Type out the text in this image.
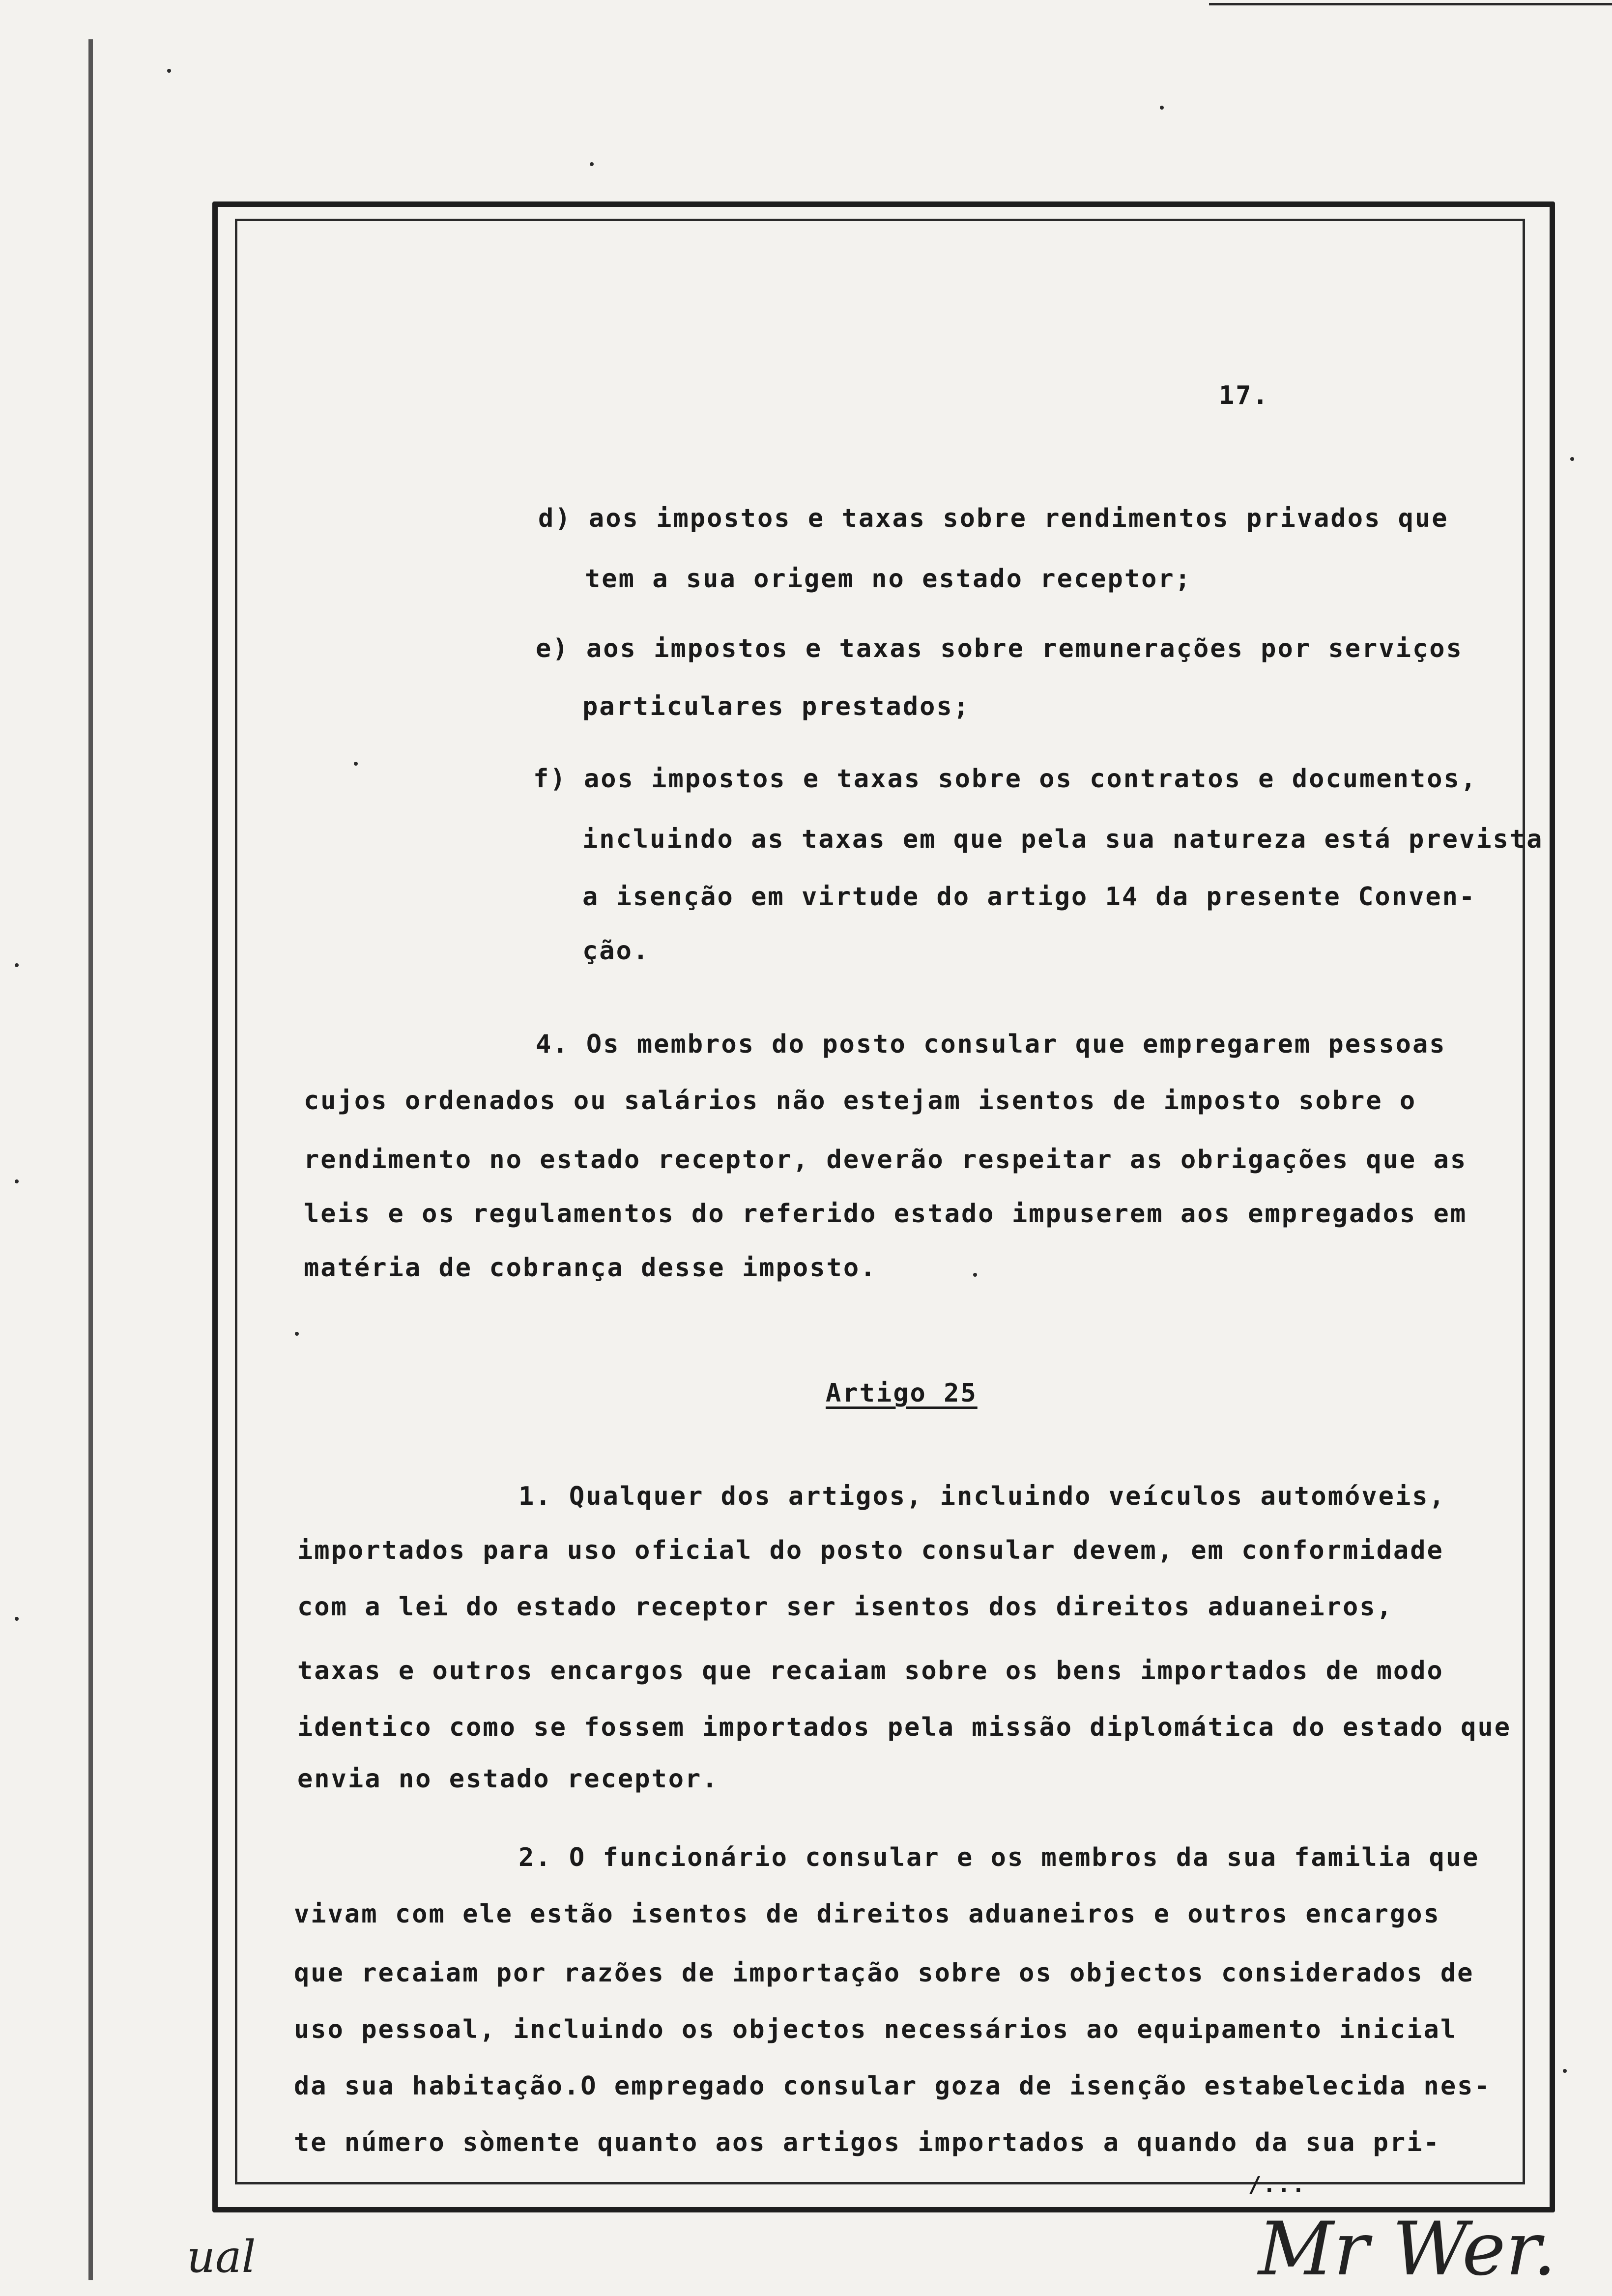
17.
d) aos impostos e taxas sobre rendimentos privados que
tem a sua origem no estado receptor;
e) aos impostos e taxas sobre remunerações por serviços
particulares prestados;
f) aos impostos e taxas sobre os contratos e documentos,
incluindo as taxas em que pela sua natureza está prevista
a isenção em virtude do artigo 14 da presente Conven-
ção.
4. Os membros do posto consular que empregarem pessoas
cujos ordenados ou salários não estejam isentos de imposto sobre o
rendimento no estado receptor, deverão respeitar as obrigações que as
leis e os regulamentos do referido estado impuserem aos empregados em
matéria de cobrança desse imposto.
Artigo 25
1. Qualquer dos artigos, incluindo veículos automóveis,
importados para uso oficial do posto consular devem, em conformidade
com a lei do estado receptor ser isentos dos direitos aduaneiros,
taxas e outros encargos que recaiam sobre os bens importados de modo
identico como se fossem importados pela missão diplomática do estado que
envia no estado receptor.
2. O funcionário consular e os membros da sua familia que
vivam com ele estão isentos de direitos aduaneiros e outros encargos
que recaiam por razões de importação sobre os objectos considerados de
uso pessoal, incluindo os objectos necessários ao equipamento inicial
da sua habitação.O empregado consular goza de isenção estabelecida nes-
te número sòmente quanto aos artigos importados a quando da sua pri-
/...
ual	Mr Wer.
